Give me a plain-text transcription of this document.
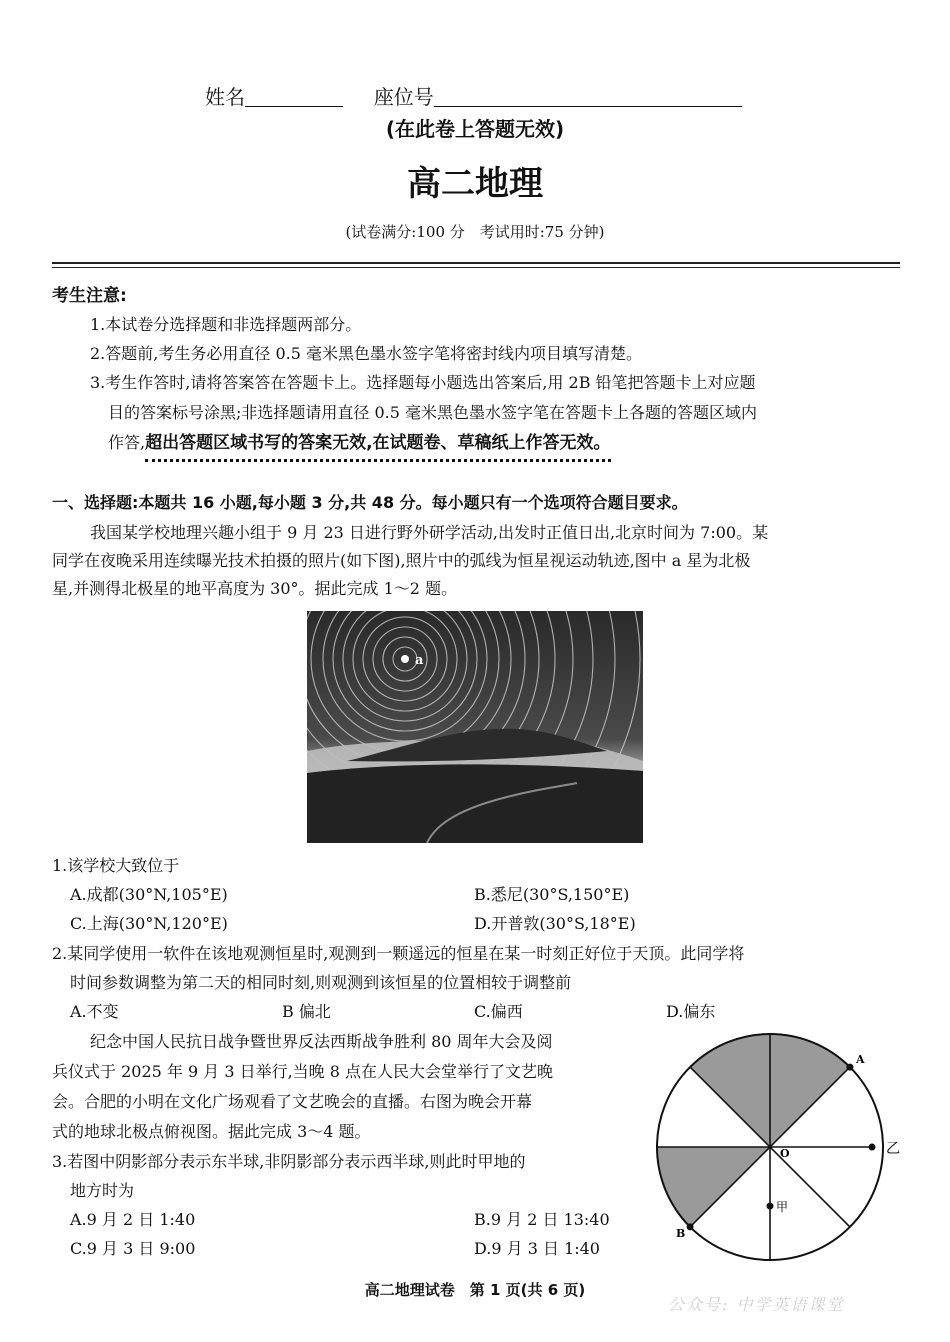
姓名	座位号
(在此卷上答题无效)
高二地理
(试卷满分:100 分　考试用时:75 分钟)
考生注意:
1.本试卷分选择题和非选择题两部分。
2.答题前,考生务必用直径 0.5 毫米黑色墨水签字笔将密封线内项目填写清楚。
3.考生作答时,请将答案答在答题卡上。选择题每小题选出答案后,用 2B 铅笔把答题卡上对应题
目的答案标号涂黑;非选择题请用直径 0.5 毫米黑色墨水签字笔在答题卡上各题的答题区域内
作答,超出答题区域书写的答案无效,在试题卷、草稿纸上作答无效。
一、选择题:本题共 16 小题,每小题 3 分,共 48 分。每小题只有一个选项符合题目要求。
我国某学校地理兴趣小组于 9 月 23 日进行野外研学活动,出发时正值日出,北京时间为 7:00。某
同学在夜晚采用连续曝光技术拍摄的照片(如下图),照片中的弧线为恒星视运动轨迹,图中 a 星为北极
星,并测得北极星的地平高度为 30°。据此完成 1～2 题。
a
1.该学校大致位于
A.成都(30°N,105°E)	B.悉尼(30°S,150°E)
C.上海(30°N,120°E)	D.开普敦(30°S,18°E)
2.某同学使用一软件在该地观测恒星时,观测到一颗遥远的恒星在某一时刻正好位于天顶。此同学将
时间参数调整为第二天的相同时刻,则观测到该恒星的位置相较于调整前
A.不变	B 偏北	C.偏西	D.偏东
纪念中国人民抗日战争暨世界反法西斯战争胜利 80 周年大会及阅
兵仪式于 2025 年 9 月 3 日举行,当晚 8 点在人民大会堂举行了文艺晚
会。合肥的小明在文化广场观看了文艺晚会的直播。右图为晚会开幕
式的地球北极点俯视图。据此完成 3～4 题。
3.若图中阴影部分表示东半球,非阴影部分表示西半球,则此时甲地的
地方时为
A.9 月 2 日 1:40	B.9 月 2 日 13:40
C.9 月 3 日 9:00	D.9 月 3 日 1:40
A
B
O	乙
甲
高二地理试卷　第 1 页(共 6 页)
公众号: 中学英语课堂
